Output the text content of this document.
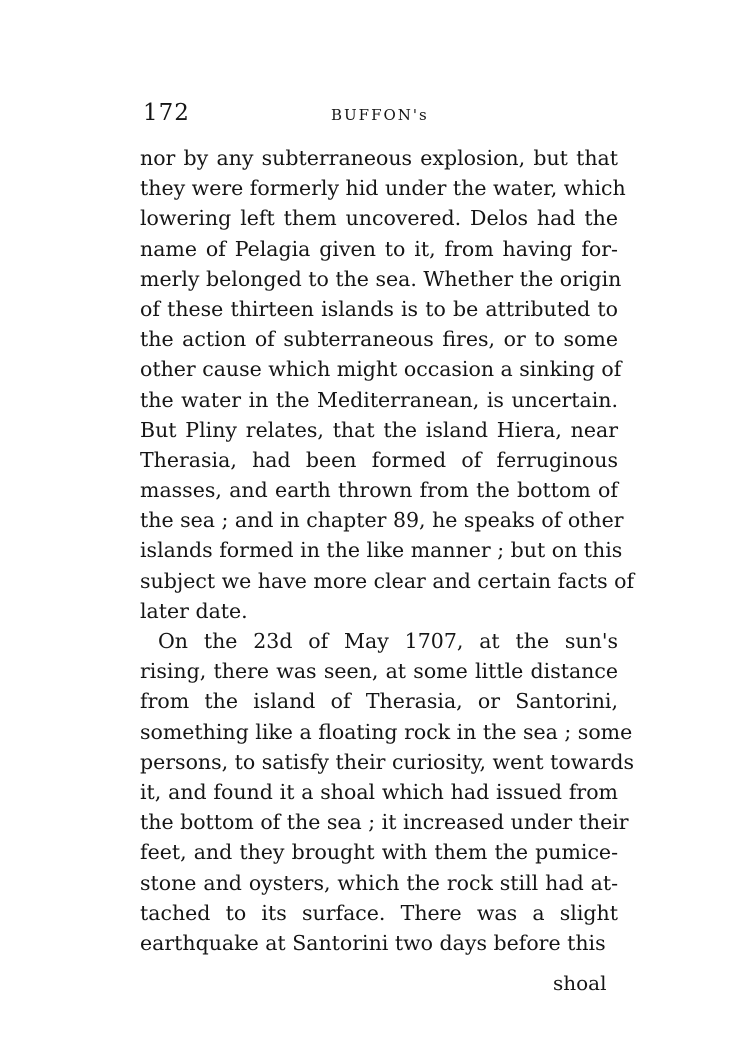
172	BUFFON's
nor by any subterraneous explosion, but that
they were formerly hid under the water, which
lowering left them uncovered. Delos had the
name of Pelagia given to it, from having for-
merly belonged to the sea. Whether the origin
of these thirteen islands is to be attributed to
the action of subterraneous fires, or to some
other cause which might occasion a sinking of
the water in the Mediterranean, is uncertain.
But Pliny relates, that the island Hiera, near
Therasia, had been formed of ferruginous
masses, and earth thrown from the bottom of
the sea ; and in chapter 89, he speaks of other
islands formed in the like manner ; but on this
subject we have more clear and certain facts of
later date.
On the 23d of May 1707, at the sun's
rising, there was seen, at some little distance
from the island of Therasia, or Santorini,
something like a floating rock in the sea ; some
persons, to satisfy their curiosity, went towards
it, and found it a shoal which had issued from
the bottom of the sea ; it increased under their
feet, and they brought with them the pumice-
stone and oysters, which the rock still had at-
tached to its surface. There was a slight
earthquake at Santorini two days before this
shoal
